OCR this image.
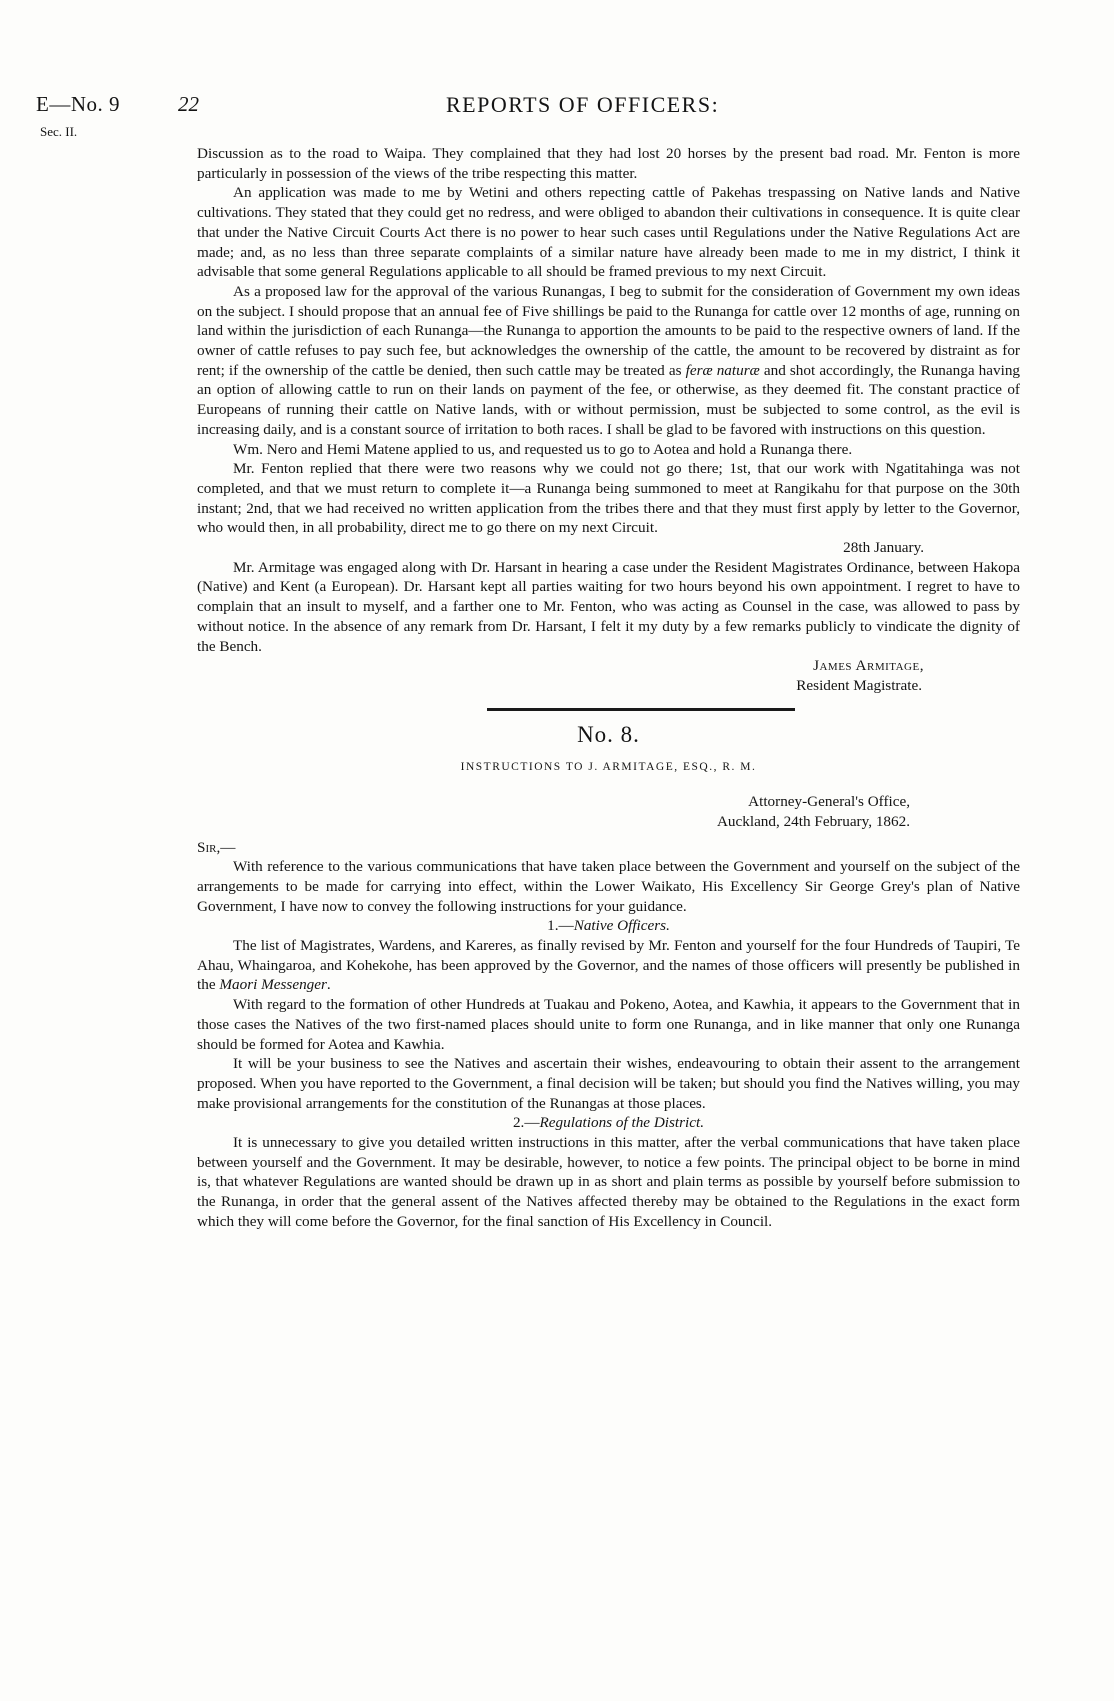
E—No. 9
Sec. II.
22	REPORTS OF OFFICERS:

Discussion as to the road to Waipa. They complained that they had lost 20 horses by the present bad road. Mr. Fenton is more particularly in possession of the views of the tribe respecting this matter.

An application was made to me by Wetini and others repecting cattle of Pakehas trespassing on Native lands and Native cultivations. They stated that they could get no redress, and were obliged to abandon their cultivations in consequence. It is quite clear that under the Native Circuit Courts Act there is no power to hear such cases until Regulations under the Native Regulations Act are made; and, as no less than three separate complaints of a similar nature have already been made to me in my district, I think it advisable that some general Regulations applicable to all should be framed previous to my next Circuit.

As a proposed law for the approval of the various Runangas, I beg to submit for the consideration of Government my own ideas on the subject. I should propose that an annual fee of Five shillings be paid to the Runanga for cattle over 12 months of age, running on land within the jurisdiction of each Runanga—the Runanga to apportion the amounts to be paid to the respective owners of land. If the owner of cattle refuses to pay such fee, but acknowledges the ownership of the cattle, the amount to be recovered by distraint as for rent; if the ownership of the cattle be denied, then such cattle may be treated as feræ naturæ and shot accordingly, the Runanga having an option of allowing cattle to run on their lands on payment of the fee, or otherwise, as they deemed fit. The constant practice of Europeans of running their cattle on Native lands, with or without permission, must be subjected to some control, as the evil is increasing daily, and is a constant source of irritation to both races. I shall be glad to be favored with instructions on this question.

Wm. Nero and Hemi Matene applied to us, and requested us to go to Aotea and hold a Runanga there.

Mr. Fenton replied that there were two reasons why we could not go there; 1st, that our work with Ngatitahinga was not completed, and that we must return to complete it—a Runanga being summoned to meet at Rangikahu for that purpose on the 30th instant; 2nd, that we had received no written application from the tribes there and that they must first apply by letter to the Governor, who would then, in all probability, direct me to go there on my next Circuit.

28th January.

Mr. Armitage was engaged along with Dr. Harsant in hearing a case under the Resident Magistrates Ordinance, between Hakopa (Native) and Kent (a European). Dr. Harsant kept all parties waiting for two hours beyond his own appointment. I regret to have to complain that an insult to myself, and a farther one to Mr. Fenton, who was acting as Counsel in the case, was allowed to pass by without notice. In the absence of any remark from Dr. Harsant, I felt it my duty by a few remarks publicly to vindicate the dignity of the Bench.

James Armitage,

Resident Magistrate.

No. 8.
INSTRUCTIONS TO J. ARMITAGE, ESQ., R. M.
Attorney-General's Office,
Auckland, 24th February, 1862.
Sir,—

With reference to the various communications that have taken place between the Government and yourself on the subject of the arrangements to be made for carrying into effect, within the Lower Waikato, His Excellency Sir George Grey's plan of Native Government, I have now to convey the following instructions for your guidance.

1.—Native Officers.

The list of Magistrates, Wardens, and Kareres, as finally revised by Mr. Fenton and yourself for the four Hundreds of Taupiri, Te Ahau, Whaingaroa, and Kohekohe, has been approved by the Governor, and the names of those officers will presently be published in the Maori Messenger.

With regard to the formation of other Hundreds at Tuakau and Pokeno, Aotea, and Kawhia, it appears to the Government that in those cases the Natives of the two first-named places should unite to form one Runanga, and in like manner that only one Runanga should be formed for Aotea and Kawhia.

It will be your business to see the Natives and ascertain their wishes, endeavouring to obtain their assent to the arrangement proposed. When you have reported to the Government, a final decision will be taken; but should you find the Natives willing, you may make provisional arrangements for the constitution of the Runangas at those places.

2.—Regulations of the District.

It is unnecessary to give you detailed written instructions in this matter, after the verbal communications that have taken place between yourself and the Government. It may be desirable, however, to notice a few points. The principal object to be borne in mind is, that whatever Regulations are wanted should be drawn up in as short and plain terms as possible by yourself before submission to the Runanga, in order that the general assent of the Natives affected thereby may be obtained to the Regulations in the exact form which they will come before the Governor, for the final sanction of His Excellency in Council.
